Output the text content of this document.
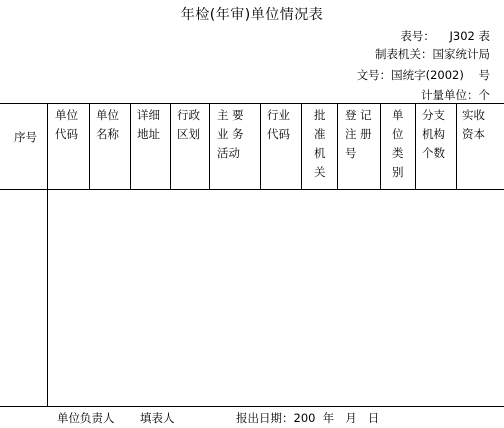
年检(年审)单位情况表
表号：    J302 表
制表机关：国家统计局
文号：国统字(2002)    号
计量单位：个
序号
单位
代码
单位
名称
详细
地址
行政
区划
主 要
业 务
活动
行业
代码
批
准
机
关
登 记
注 册
号
单
位
类
别
分支
机构
个数
实收
资本
单位负责人 填表人	报出日期：200  年   月   日
